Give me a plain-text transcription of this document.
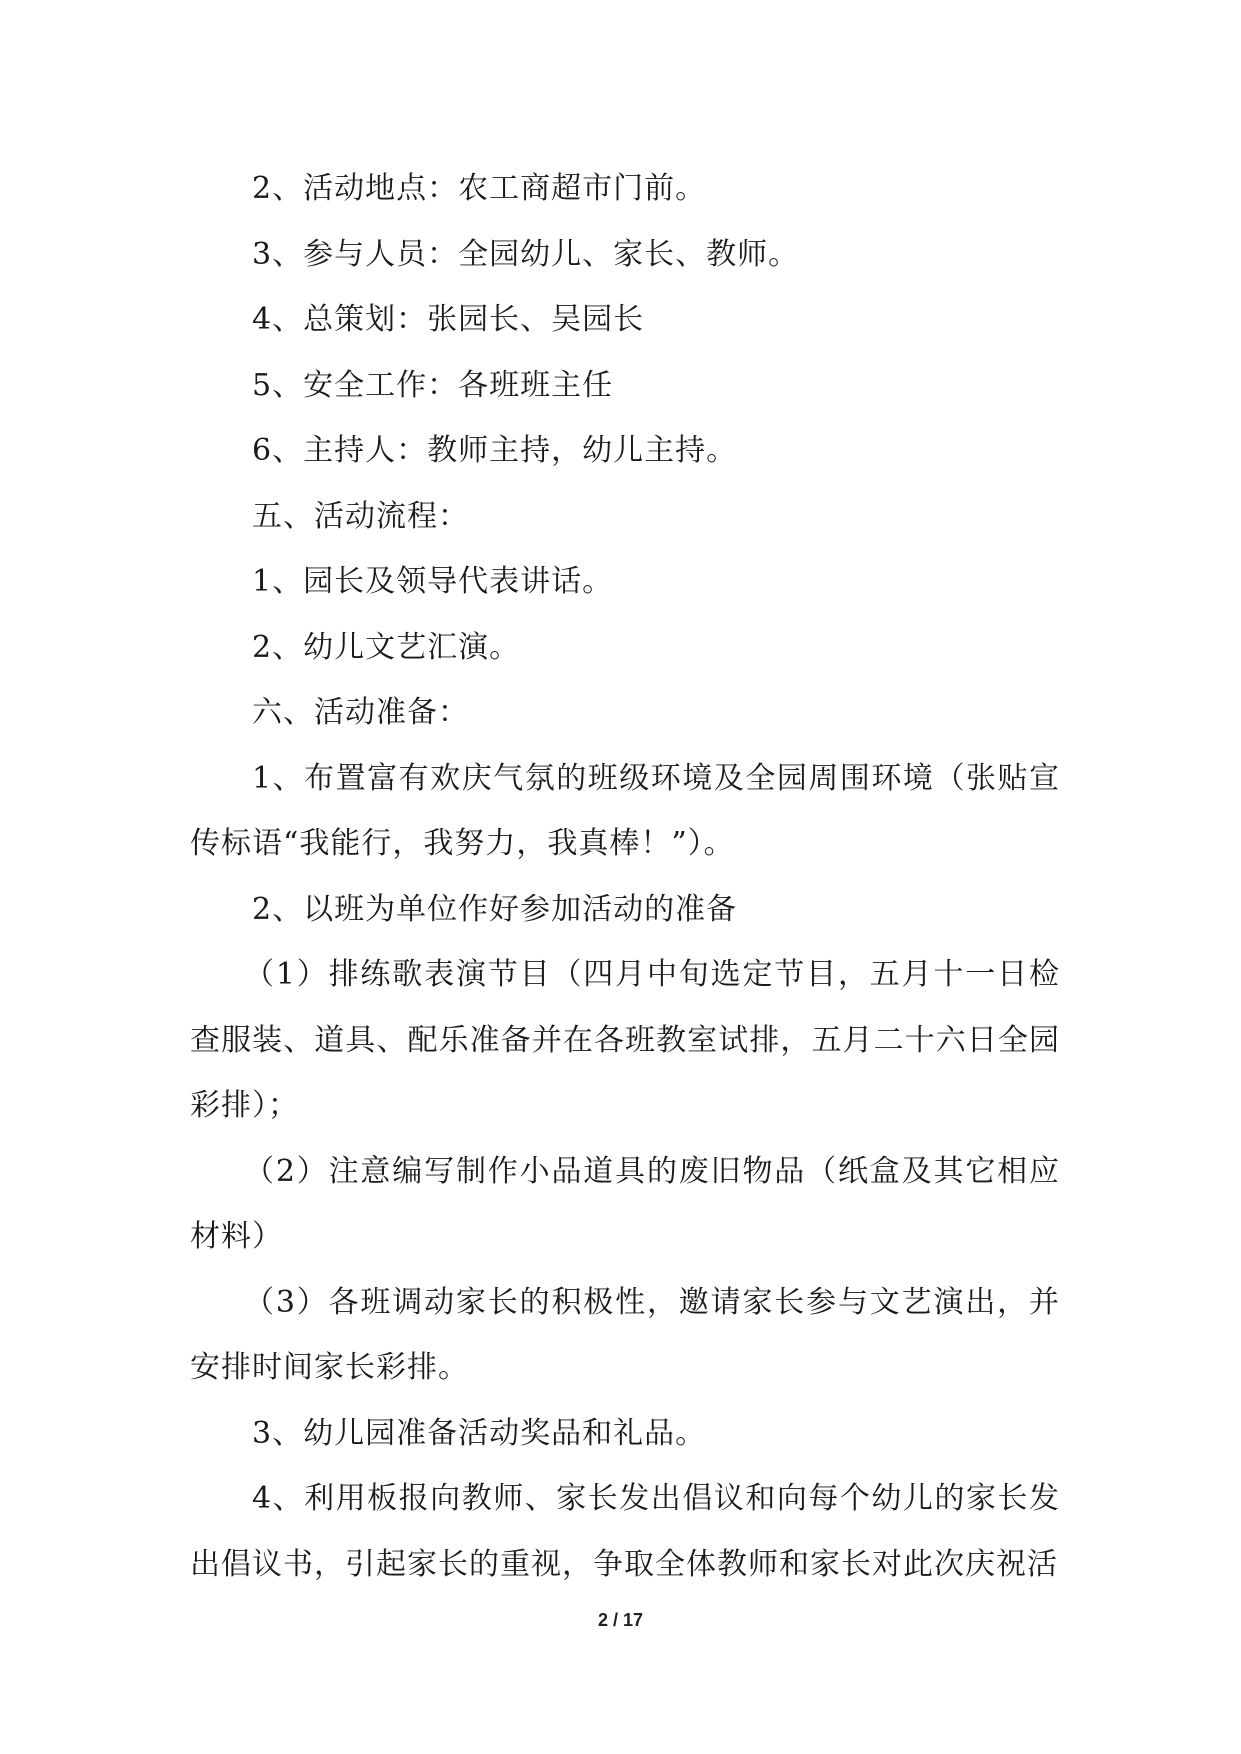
2、活动地点：农工商超市门前。

3、参与人员：全园幼儿、家长、教师。

4、总策划：张园长、吴园长

5、安全工作：各班班主任

6、主持人：教师主持，幼儿主持。

五、活动流程：

1、园长及领导代表讲话。

2、幼儿文艺汇演。

六、活动准备：

1、布置富有欢庆气氛的班级环境及全园周围环境（张贴宣传标语“我能行，我努力，我真棒！”）。

2、以班为单位作好参加活动的准备

（1）排练歌表演节目（四月中旬选定节目，五月十一日检查服装、道具、配乐准备并在各班教室试排，五月二十六日全园彩排）；

（2）注意编写制作小品道具的废旧物品（纸盒及其它相应材料）

（3）各班调动家长的积极性，邀请家长参与文艺演出，并安排时间家长彩排。

3、幼儿园准备活动奖品和礼品。

4、利用板报向教师、家长发出倡议和向每个幼儿的家长发出倡议书，引起家长的重视，争取全体教师和家长对此次庆祝活

2 / 17
